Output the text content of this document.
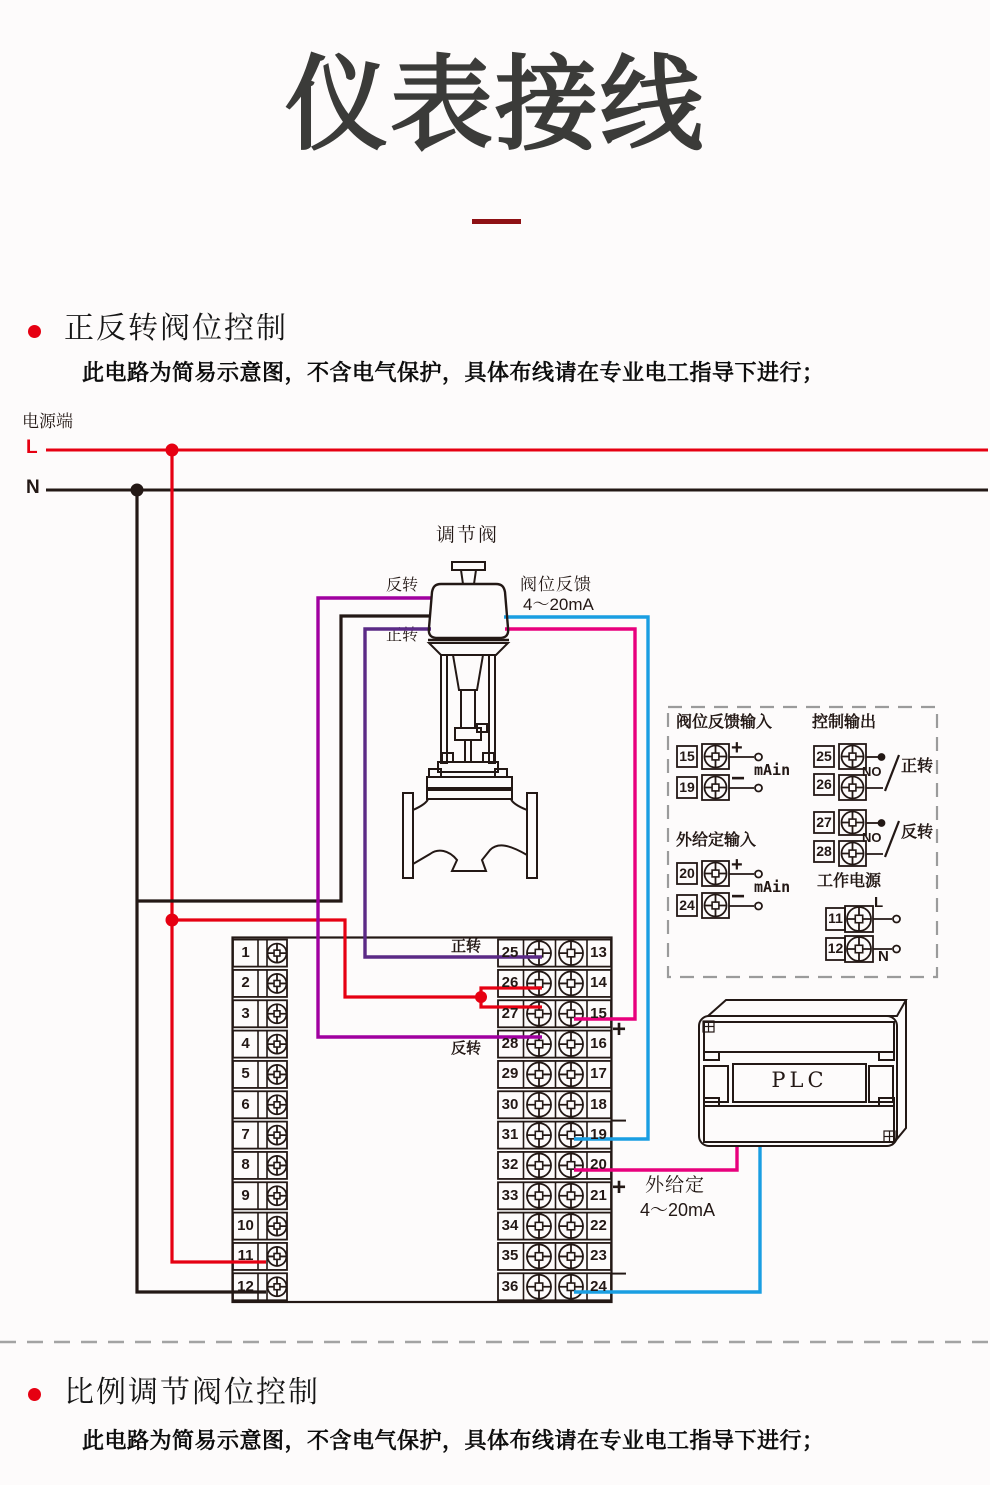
仪表接线
正反转阀位控制
此电路为简易示意图，不含电气保护，具体布线请在专业电工指导下进行；
电源端
L
N
调节阀
反转
正转
阀位反馈
4～20mA
正转
反转
+
−
+
−
外给定
4～20mA
PLC
阀位反馈输入 控制输出
外给定输入
工作电源
15
19
20
24
25
26
27
28
11
12
+
−
+
−
mAin
mAin
NO 正转
NO 反转
L
N
比例调节阀位控制
此电路为简易示意图，不含电气保护，具体布线请在专业电工指导下进行；
1	25	13
2	26	14
3	27	15
4	28	16
5	29	17
6	30	18
7	31	19
8	32	20
9	33	21
10	34	22
11	35	23
12	36	24
